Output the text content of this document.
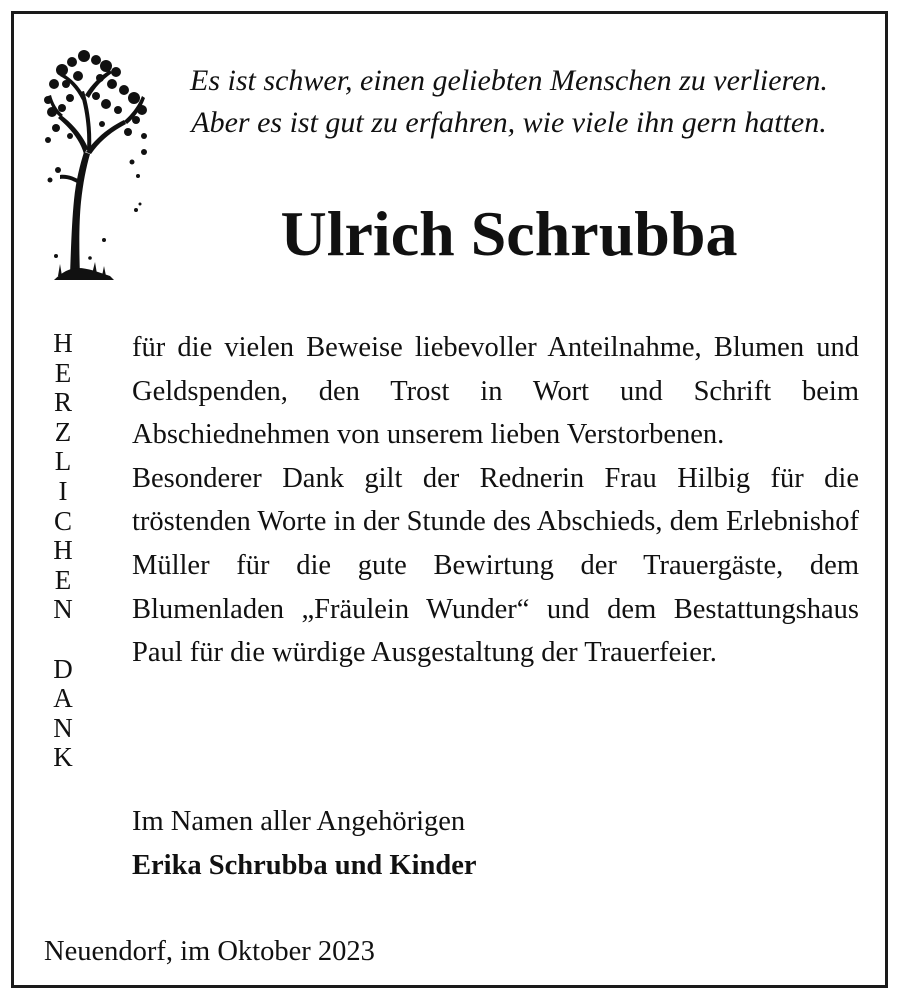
Es ist schwer, einen geliebten Menschen zu verlieren.
Aber es ist gut zu erfahren, wie viele ihn gern hatten.
Ulrich Schrubba
H
E
R
Z
L
I
C
H
E
N
D
A
N
K

für die vielen Beweise liebevoller Anteilnahme, Blumen und Geldspenden, den Trost in Wort und Schrift beim Abschiednehmen von unserem lieben Verstorbenen.

Besonderer Dank gilt der Rednerin Frau Hilbig für die tröstenden Worte in der Stunde des Abschieds, dem Erlebnishof Müller für die gute Bewirtung der Trauergäste, dem Blumenladen „Fräulein Wunder“ und dem Bestattungshaus Paul für die würdige Ausgestaltung der Trauerfeier.

Im Namen aller Angehörigen
Erika Schrubba und Kinder
Neuendorf, im Oktober 2023
